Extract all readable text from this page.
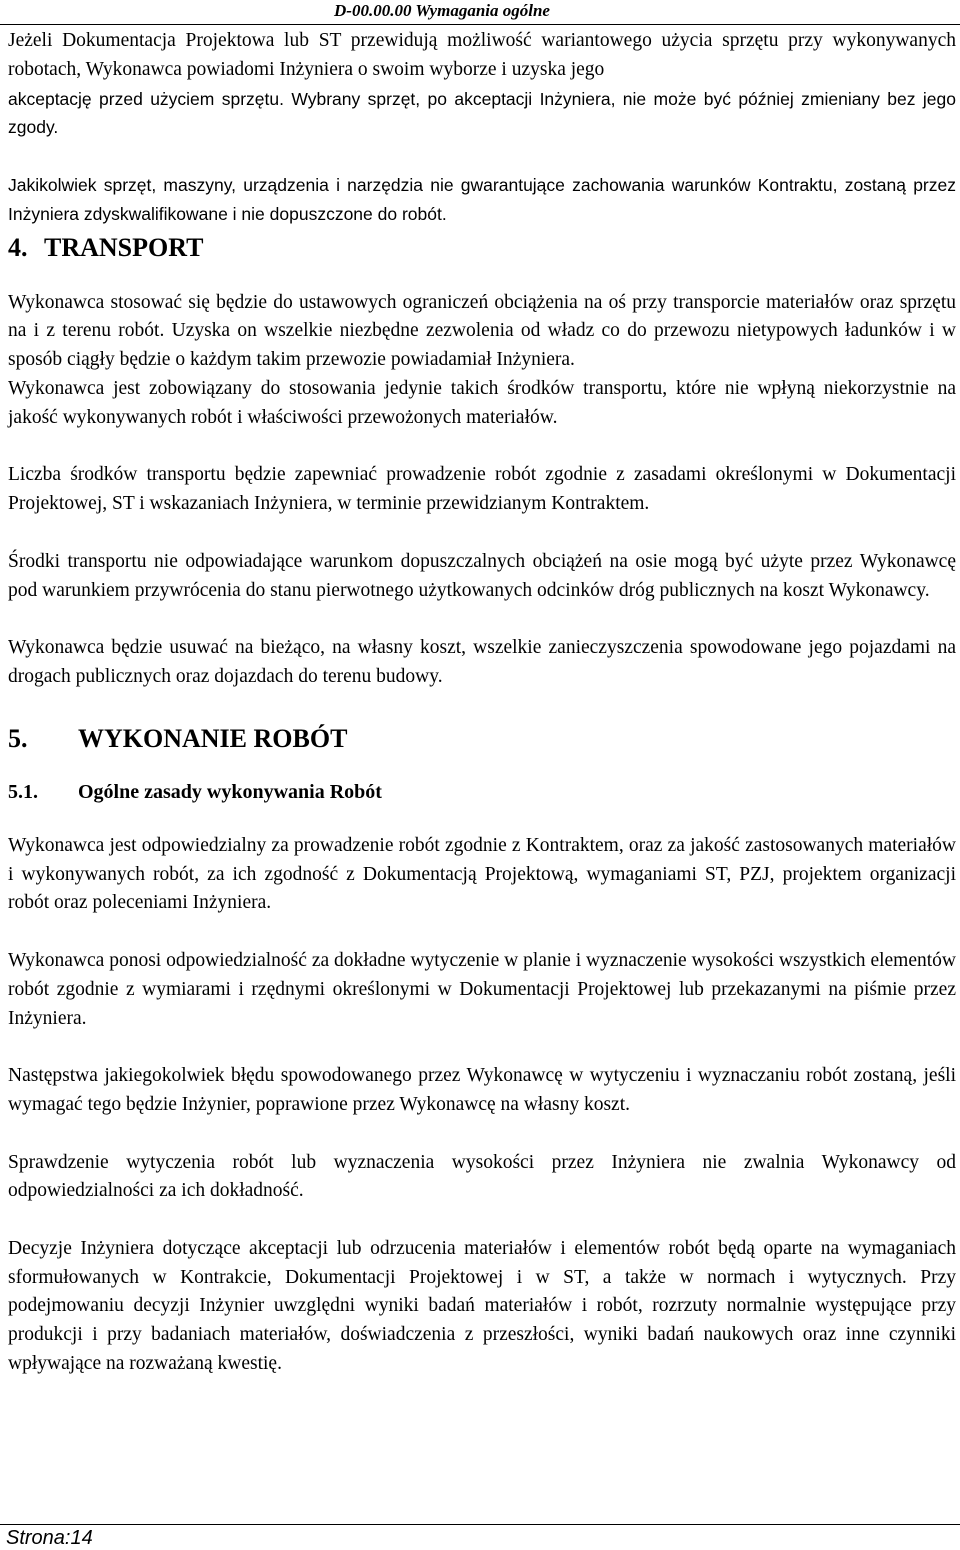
D-00.00.00 Wymagania ogólne

Jeżeli Dokumentacja Projektowa lub ST przewidują możliwość wariantowego użycia sprzętu przy wykonywanych robotach, Wykonawca powiadomi Inżyniera o swoim wyborze i uzyska jego

akceptację przed użyciem sprzętu. Wybrany sprzęt, po akceptacji Inżyniera, nie może być później zmieniany bez jego zgody.

Jakikolwiek sprzęt, maszyny, urządzenia i narzędzia nie gwarantujące zachowania warunków Kontraktu, zostaną przez Inżyniera zdyskwalifikowane i nie dopuszczone do robót.

4. TRANSPORT

Wykonawca stosować się będzie do ustawowych ograniczeń obciążenia na oś przy transporcie materiałów oraz sprzętu na i z terenu robót. Uzyska on wszelkie niezbędne zezwolenia od władz co do przewozu nietypowych ładunków i w sposób ciągły będzie o każdym takim przewozie powiadamiał Inżyniera.

Wykonawca jest zobowiązany do stosowania jedynie takich środków transportu, które nie wpłyną niekorzystnie na jakość wykonywanych robót i właściwości przewożonych materiałów.

Liczba środków transportu będzie zapewniać prowadzenie robót zgodnie z zasadami określonymi w Dokumentacji Projektowej, ST i wskazaniach Inżyniera, w terminie przewidzianym Kontraktem.

Środki transportu nie odpowiadające warunkom dopuszczalnych obciążeń na osie mogą być użyte przez Wykonawcę pod warunkiem przywrócenia do stanu pierwotnego użytkowanych odcinków dróg publicznych na koszt Wykonawcy.

Wykonawca będzie usuwać na bieżąco, na własny koszt, wszelkie zanieczyszczenia spowodowane jego pojazdami na drogach publicznych oraz dojazdach do terenu budowy.

5.	WYKONANIE ROBÓT
5.1.	Ogólne zasady wykonywania Robót

Wykonawca jest odpowiedzialny za prowadzenie robót zgodnie z Kontraktem, oraz za jakość zastosowanych materiałów i wykonywanych robót, za ich zgodność z Dokumentacją Projektową, wymaganiami ST, PZJ, projektem organizacji robót oraz poleceniami Inżyniera.

Wykonawca ponosi odpowiedzialność za dokładne wytyczenie w planie i wyznaczenie wysokości wszystkich elementów robót zgodnie z wymiarami i rzędnymi określonymi w Dokumentacji Projektowej lub przekazanymi na piśmie przez Inżyniera.

Następstwa jakiegokolwiek błędu spowodowanego przez Wykonawcę w wytyczeniu i wyznaczaniu robót zostaną, jeśli wymagać tego będzie Inżynier, poprawione przez Wykonawcę na własny koszt.

Sprawdzenie wytyczenia robót lub wyznaczenia wysokości przez Inżyniera nie zwalnia Wykonawcy od odpowiedzialności za ich dokładność.

Decyzje Inżyniera dotyczące akceptacji lub odrzucenia materiałów i elementów robót będą oparte na wymaganiach sformułowanych w Kontrakcie, Dokumentacji Projektowej i w ST, a także w normach i wytycznych. Przy podejmowaniu decyzji Inżynier uwzględni wyniki badań materiałów i robót, rozrzuty normalnie występujące przy produkcji i przy badaniach materiałów, doświadczenia z przeszłości, wyniki badań naukowych oraz inne czynniki wpływające na rozważaną kwestię.

Strona:14
